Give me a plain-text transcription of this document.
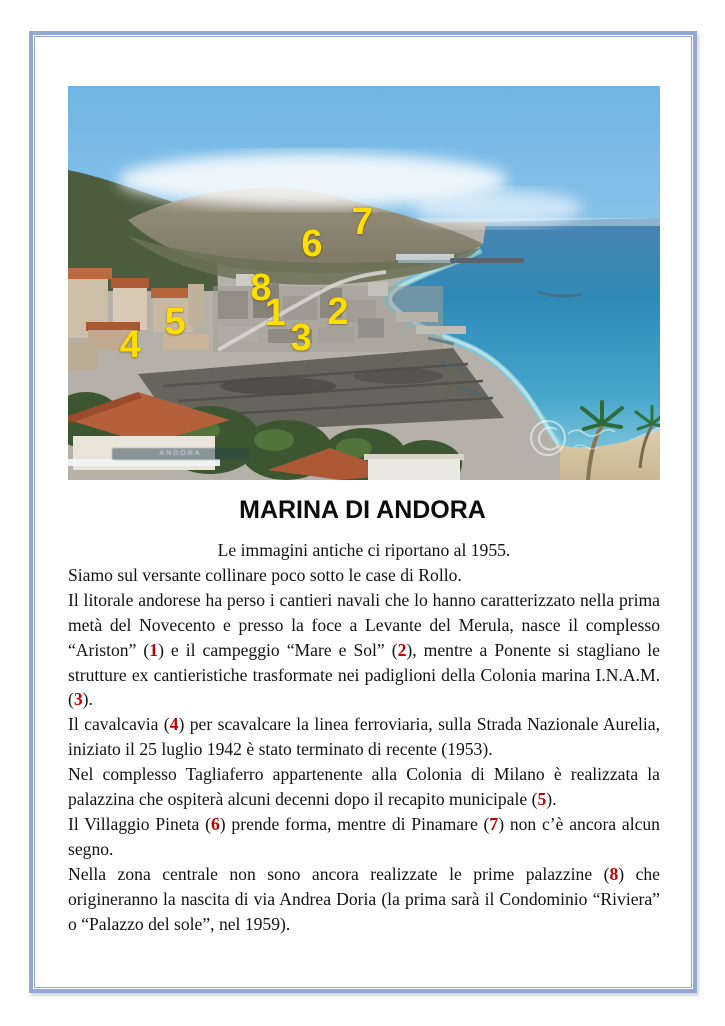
ANDORA
7
6
8
1 2
5	3
4
MARINA DI ANDORA

Le immagini antiche ci riportano al 1955.

Siamo sul versante collinare poco sotto le case di Rollo.

Il litorale andorese ha perso i cantieri navali che lo hanno caratterizzato nella prima metà del Novecento e presso la foce a Levante del Merula, nasce il complesso “Ariston” (1) e il campeggio “Mare e Sol” (2), mentre a Ponente si stagliano le strutture ex cantieristiche trasformate nei padiglioni della Colonia marina I.N.A.M. (3).

Il cavalcavia (4) per scavalcare la linea ferroviaria, sulla Strada Nazionale Aurelia, iniziato il 25 luglio 1942 è stato terminato di recente (1953).

Nel complesso Tagliaferro appartenente alla Colonia di Milano è realizzata la palazzina che ospiterà alcuni decenni dopo il recapito municipale (5).

Il Villaggio Pineta (6) prende forma, mentre di Pinamare (7) non c’è ancora alcun segno.

Nella zona centrale non sono ancora realizzate le prime palazzine (8) che origineranno la nascita di via Andrea Doria (la prima sarà il Condominio “Riviera” o “Palazzo del sole”, nel 1959).
